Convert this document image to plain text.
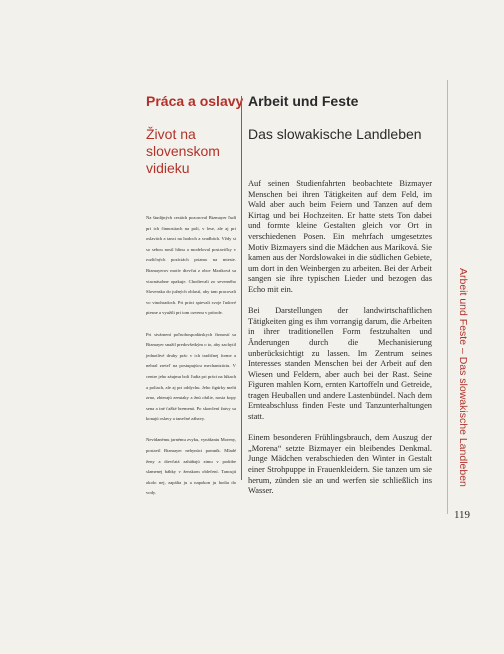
Práca a oslavy
Život na slovenskom vidieku

Na študijných cestách pozoroval Bizmayer ľudí pri ich činnostiach na poli, v lese, ale aj pri oslavách a tanci na hodoch a svadbách. Vždy si so sebou nosil hlinu a modeloval postavičky v rozličných pozíciách priamo na mieste. Bizmayerov motív dievčat z obce Mariková sa viacnásobne opakuje. Chodievali zo severného Slovenska do južných oblastí, aby tam pracovali vo vinohradoch. Pri práci spievali svoje ľudové piesne a využili pri tom ozvenu v prírode.

Pri stvárnení poľnohospodárskych činností sa Bizmayer snažil predovšetkým o to, aby zachytil jednotlivé druhy prác v ich tradičnej forme a nebral zreteľ na postupujúcu mechanizáciu. V centre jeho záujmu boli ľudia pri práci na lúkach a poliach, ale aj pri oddychu. Jeho figúrky melú zrno, zbierajú zemiaky a žnú obilie, nosia kopy sena a iné ťažké bremená. Po skončení žatvy sa konajú oslavy a tanečné zábavy.

Nevídanému jarnému zvyku, vynášaniu Moreny, postavil Bizmayer nehynúci pomník. Mladé ženy a dievčatá zaháňajú zimu v podobe slamenej bábky v ženskom oblečení. Tancujú okolo nej, zapália ju a napokon ju hodia do vody.

Arbeit und Feste
Das slowakische Landleben

Auf seinen Studienfahrten beobachtete Bizmayer Menschen bei ihren Tätigkeiten auf dem Feld, im Wald aber auch beim Feiern und Tanzen auf dem Kirtag und bei Hochzeiten. Er hatte stets Ton dabei und formte kleine Gestalten gleich vor Ort in verschiedenen Posen. Ein mehrfach umgesetztes Motiv Bizmayers sind die Mädchen aus Mariková. Sie kamen aus der Nordslowakei in die südlichen Gebiete, um dort in den Weinbergen zu arbeiten. Bei der Arbeit sangen sie ihre typischen Lieder und bezogen das Echo mit ein.

Bei Darstellungen der landwirtschaftlichen Tätigkeiten ging es ihm vorrangig darum, die Arbeiten in ihrer traditionellen Form festzuhalten und Änderungen durch die Mechanisierung unberücksichtigt zu lassen. Im Zentrum seines Interesses standen Menschen bei der Arbeit auf den Wiesen und Feldern, aber auch bei der Rast. Seine Figuren mahlen Korn, ernten Kartoffeln und Getreide, tragen Heuballen und andere Lastenbündel. Nach dem Ernteabschluss finden Feste und Tanzunterhaltungen statt.

Einem besonderen Frühlingsbrauch, dem Auszug der „Morena“ setzte Bizmayer ein bleibendes Denkmal. Junge Mädchen verabschieden den Winter in Gestalt einer Strohpuppe in Frauenkleidern. Sie tanzen um sie herum, zünden sie an und werfen sie schließlich ins Wasser.

Arbeit und Feste – Das slowakische Landleben
119
